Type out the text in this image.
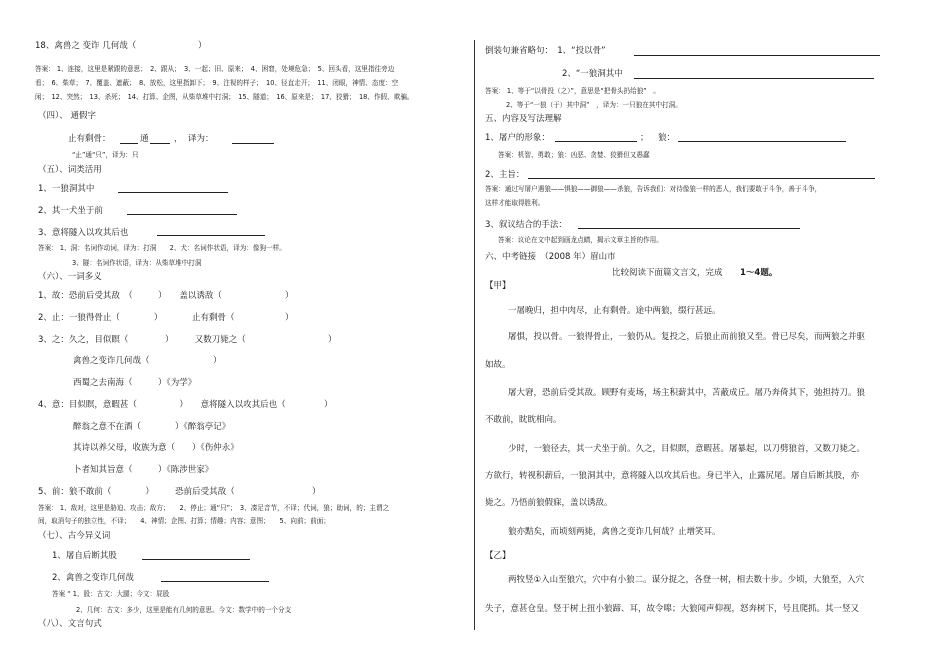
18、禽兽之 变诈 几何哉（	）
答案： 1、连接，这里是紧跟的意思；　2、跟从；　3、一起；旧、原来；　4、困窘，处境危急；　5、回头看，这里指往旁边
看；　6、柴草；　7、覆盖、遮蔽；　8、放松，这里指卸下；　9、注视的样子；　10、径直走开；　11、闭眼，神情、态度：空
闲；　12、突然；　13、杀死；　14、打算、企图，从柴草堆中打洞；　15、隧道；　16、原来是；　17、狡猾；　18、作假、欺骗。
（四）、 通假字
止有剩骨：	通	， 译为：
“止”通“只”，译为：只
（五）、词类活用
1、一狼洞其中
2、其一犬坐于前
3、意将隧入以攻其后也
答案： 1、洞：名词作动词，译为：打洞　　2、犬：名词作状语，译为：像狗一样。
3、隧：名词作状语，译为：从柴草堆中打洞
（六）、一词多义
1、故：恐前后受其敌　（　　　）　　盖以诱敌（	）
2、止：一狼得骨止（　　　　）	止有剩骨（	）
3、之：久之，目似瞑（	）　　　又数刀毙之（	）
禽兽之变诈几何哉（	）
西蜀之去南海（　　　）《为学》
4、意：目似瞑，意暇甚（　　　　　）　　意将隧入以攻其后也（	）
醉翁之意不在酒（　　　　）《醉翁亭记》
其诗以养父母，收族为意（　　）《伤仲永》
卜者知其旨意（　　　）《陈涉世家》
5、前：狼不敢前（　　　　）　　　恐前后受其敌（	）
答案： 1、敌对，这里是胁迫、攻击；敌方；　　2、停止；通“只”；　3、凑足音节，不译；代词，狼；助词，的；主谓之
间，取消句子的独立性，不译；　　4、神情；企图、打算；情趣；内容；意图；　　5、向前；前面；
（七）、古今异义词
1、屠自后断其股
2、禽兽之变诈几何哉
答案 “ 1、股：古文：大腿；今文：屁股
2、几何：古文：多少，这里是能有几何的意思。今文：数学中的一个分支
（八）、文言句式
倒装句兼省略句：　1、“投以骨”
2、“一狼洞其中
答案： 1、等于“以骨投（之）”，意思是“把骨头扔给狼”　。
2、等于“一狼（于）其中洞”　，译为：一只狼在其中打洞。
五、内容及写法理解
1、屠户的形象：	； 狼：
答案：机智、勇敢；狼：凶恶、贪婪、狡猾但又愚蠢
2、主旨：
答案：通过写屠户遇狼——惧狼——御狼——杀狼，告诉我们：对待像狼一样的恶人，我们要敢于斗争，善于斗争，
这样才能取得胜利。
3、叙议结合的手法：
答案：议论在文中起到画龙点睛，揭示文章主旨的作用。
六、中考链接　（2008 年）眉山市
比较阅读下面篇文言文，完成 1～4题。
【甲】
一屠晚归，担中肉尽，止有剩骨。途中两狼，缀行甚远。
屠惧，投以骨。一狼得骨止，一狼仍从。复投之，后狼止而前狼又至。骨已尽矣，而两狼之并驱
如故。
屠大窘，恐前后受其敌。顾野有麦场，场主积薪其中，苫蔽成丘。屠乃奔倚其下，弛担持刀。狼
不敢前，眈眈相向。
少时，一狼径去，其一犬坐于前。久之，目似瞑，意暇甚。屠暴起，以刀劈狼首，又数刀毙之。
方欲行，转视积薪后，一狼洞其中，意将隧入以攻其后也。身已半入，止露尻尾。屠自后断其股，亦
毙之。乃悟前狼假寐，盖以诱敌。
狼亦黠矣，而顷刻两毙，禽兽之变诈几何哉？止增笑耳。
【乙】
两牧竖①入山至狼穴，穴中有小狼二。谋分捉之，各登一树，相去数十步。少顷，大狼至，入穴
失子，意甚仓皇。竖于树上扭小狼蹄、耳，故令嗥；大狼闻声仰视，怒奔树下，号且爬抓。其一竖又
